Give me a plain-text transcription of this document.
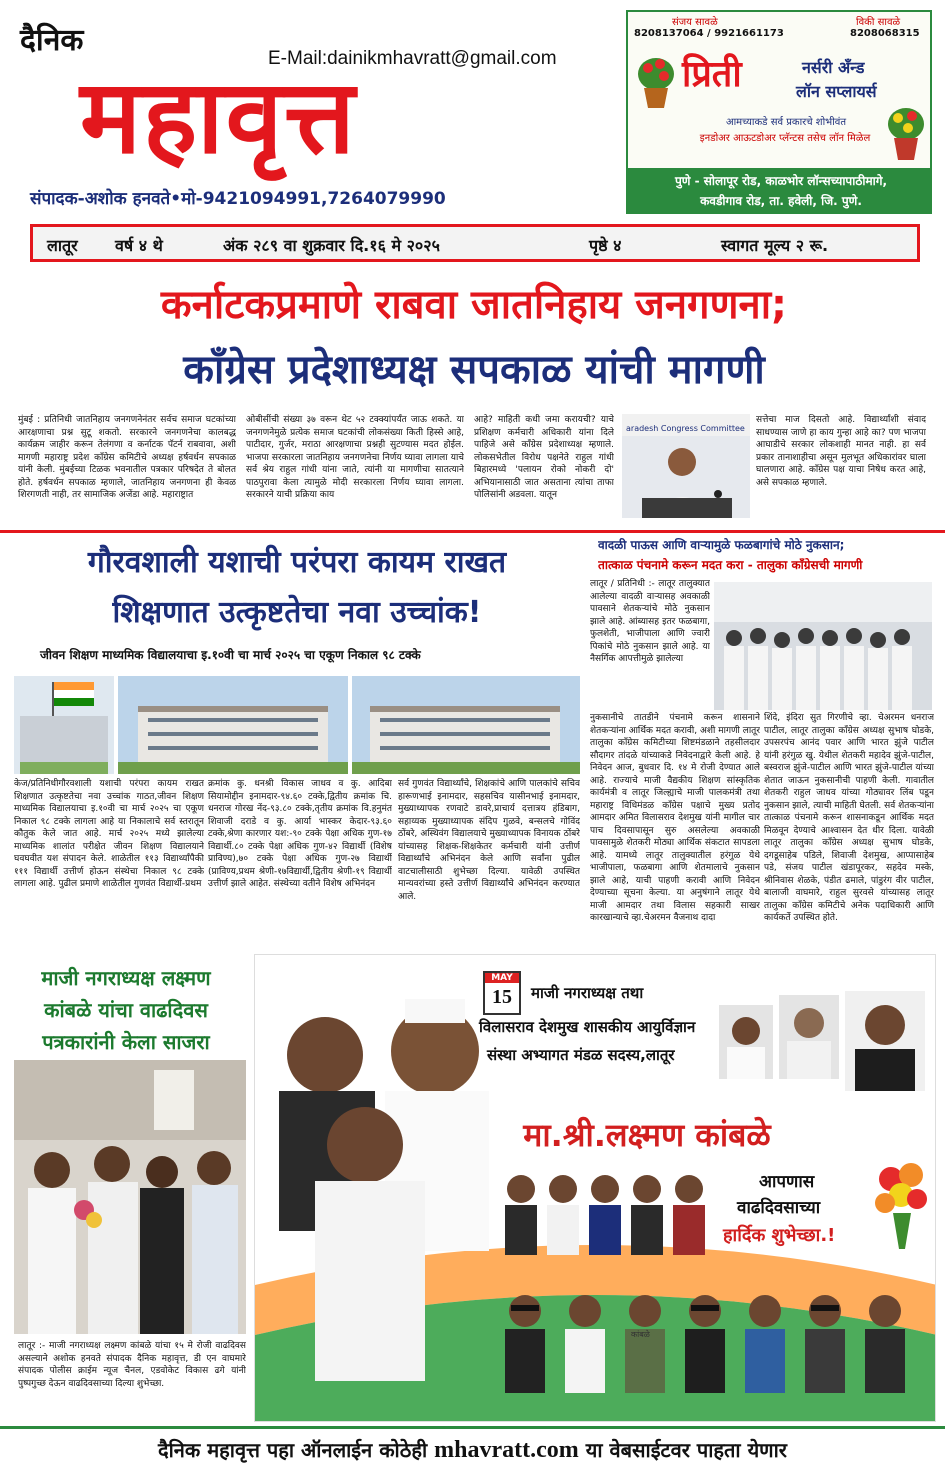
दैनिक
E-Mail:dainikmhavratt@gmail.com
महावृत्त
संपादक-अशोक हनवते•मो-9421094991,7264079990
संजय सावळे	विकी सावळे
8208137064 / 9921661173	8208068315
प्रिती	नर्सरी अँन्ड
लॉन सप्लायर्स
आमच्याकडे सर्व प्रकारचे शोभीवंत
इनडोअर आऊटडोअर प्लॅन्टस तसेच लॉन मिळेल
पुणे - सोलापूर रोड, काळभोर लॉन्सच्यापाठीमागे,
कवडीगाव रोड, ता. हवेली, जि. पुणे.
लातूर वर्ष ४ थे	अंक २८९ वा शुक्रवार दि.१६ मे २०२५	पृष्ठे ४	स्वागत मूल्य २ रू.
कर्नाटकप्रमाणे राबवा जातनिहाय जनगणना;
काँग्रेस प्रदेशाध्यक्ष सपकाळ यांची मागणी
मुंबई : प्रतिनिधी जातनिहाय जनगणनेनंतर सर्वच समाज घटकांच्या आरक्षणाचा प्रश्न सुटू शकतो. सरकारने जनगणनेचा कालबद्ध कार्यक्रम जाहीर करून तेलंगणा व कर्नाटक पॅटर्न राबवावा, अशी मागणी महाराष्ट्र प्रदेश काँग्रेस कमिटीचे अध्यक्ष हर्षवर्धन सपकाळ यांनी केली. मुंबईच्या टिळक भवनातील पत्रकार परिषदेत ते बोलत होते. हर्षवर्धन सपकाळ म्हणाले, जातनिहाय जनगणना ही केवळ शिरगणती नाही, तर सामाजिक अजेंडा आहे. महाराष्ट्रात
ओबीसींची संख्या ३७ वरून थेट ५२ टक्क्यांपर्यंत जाऊ शकते. या जनगणनेमुळे प्रत्येक समाज घटकांची लोकसंख्या किती हिस्से आहे, पाटीदार, गुर्जर, मराठा आरक्षणाचा प्रश्नही सुटण्यास मदत होईल. भाजपा सरकारला जातनिहाय जनगणनेचा निर्णय घ्यावा लागला याचे सर्व श्रेय राहुल गांधी यांना जाते, त्यांनी या मागणीचा सातत्याने पाठपुरावा केला त्यामुळे मोदी सरकारला निर्णय घ्यावा लागला. सरकारने याची प्रक्रिया काय
आहे? माहिती कधी जमा करायची? याचे प्रशिक्षण कर्मचारी अधिकारी यांना दिले पाहिजे असे काँग्रेस प्रदेशाध्यक्ष म्हणाले. लोकसभेतील विरोध पक्षनेते राहुल गांधी बिहारमध्ये 'पलायन रोको नोकरी दो' अभियानासाठी जात असताना त्यांचा ताफा पोलिसांनी अडवला. यातून
aradesh Congress Committee
सत्तेचा माज दिसतो आहे. विद्यार्थ्यांशी संवाद साधण्यास जाणे हा काय गुन्हा आहे का? पण भाजपा आघाडीचे सरकार लोकशाही मानत नाही. हा सर्व प्रकार तानाशाहीचा असून मुलभूत अधिकारांवर घाला घालणारा आहे. काँग्रेस पक्ष याचा निषेध करत आहे, असे सपकाळ म्हणाले.
गौरवशाली यशाची परंपरा कायम राखत
शिक्षणात उत्कृष्टतेचा नवा उच्चांक!
जीवन शिक्षण माध्यमिक विद्यालयाचा इ.१०वी चा मार्च २०२५ चा एकूण निकाल ९८ टक्के
केज/प्रतिनिधीगौरवशाली यशाची परंपरा कायम राखत शिक्षणात उत्कृष्टतेचा नवा उच्चांक गाठत,जीवन शिक्षण माध्यमिक विद्यालयाचा इ.१०वी चा मार्च २०२५ चा एकूण निकाल ९८ टक्के लागला आहे या निकालाचे सर्व स्तरातून कौतुक केले जात आहे. मार्च २०२५ मध्ये झालेल्या माध्यमिक शालांत परीक्षेत जीवन शिक्षण विद्यालयाने घवघवीत यश संपादन केले. शाळेतील ११३ विद्यार्थ्यांपैकी १११ विद्यार्थी उत्तीर्ण होऊन संस्थेचा निकाल ९८ टक्के लागला आहे. पुढील प्रमाणे शाळेतील गुणवंत विद्यार्थी-प्रथम
क्रमांक कु. धनश्री विकास जाधव व कु. आदिबा सियामोद्दीन इनामदार-९४.६० टक्के,द्वितीय क्रमांक चि. धनराज गोरख नेंद-९३.८० टक्के,तृतीय क्रमांक वि.हनुमंत शिवाजी दराडे व कु. आर्या भास्कर केदार-९३.६० टक्के,श्रेणा कारणार यश:-९० टक्के पेक्षा अधिक गुण-१७ विद्यार्थी.८० टक्के पेक्षा अधिक गुण-४२ विद्यार्थी (विशेष प्राविण्य),७० टक्के पेक्षा अधिक गुण-२७ विद्यार्थी (प्राविण्य,प्रथम श्रेणी-१७विद्यार्थी,द्वितीय श्रेणी-१९ विद्यार्थी उत्तीर्ण झाले आहेत. संस्थेच्या वतीने विशेष अभिनंदन
सर्व गुणवंत विद्यार्थ्यांचे, शिक्षकांचे आणि पालकांचे सचिव हारूणभाई इनामदार, सहसचिव यासीनभाई इनामदार, मुख्याध्यापक रणवाटे डावरे,प्राचार्य दत्तात्रय हंडिबाग, सहाय्यक मुख्याध्यापक संदिप गुळवे, बन्सलचे गोविंद ठोंबरे, अस्थिवंग विद्यालयाचे मुख्याध्यापक विनायक ठोंबरे यांच्यासह शिक्षक-शिक्षकेतर कर्मचारी यांनी उत्तीर्ण विद्यार्थ्यांचे अभिनंदन केले आणि सर्वांना पुढील वाटचालीसाठी शुभेच्छा दिल्या. यावेळी उपस्थित मान्यवरांच्या हस्ते उत्तीर्ण विद्यार्थ्यांचे अभिनंदन करण्यात आले.
वादळी पाऊस आणि वाऱ्यामुळे फळबागांचे मोठे नुकसान;
तात्काळ पंचनामे करून मदत करा - तालुका काँग्रेसची मागणी
लातूर / प्रतिनिधी :- लातूर तालुक्यात आलेल्या वादळी वाऱ्यासह अवकाळी पावसाने शेतकऱ्यांचे मोठे नुकसान झाले आहे. आंब्यासह इतर फळबागा, फुलशेती, भाजीपाला आणि ज्वारी पिकांचे मोठे नुकसान झाले आहे. या नैसर्गिक आपत्तीमुळे झालेल्या
नुकसानीचे तातडीने पंचनामे करून शासनाने शेतकऱ्यांना आर्थिक मदत करावी, अशी मागणी लातूर तालुका काँग्रेस कमिटीच्या शिष्टमंडळाने तहसीलदार सौदागर तांदळे यांच्याकडे निवेदनाद्वारे केली आहे. हे निवेदन आज, बुधवार दि. १४ मे रोजी देण्यात आले आहे. राज्याचे माजी वैद्यकीय शिक्षण सांस्कृतिक कार्यमंत्री व लातूर जिल्ह्याचे माजी पालकमंत्री तथा महाराष्ट्र विधिमंडळ काँग्रेस पक्षाचे मुख्य प्रतोद आमदार अमित विलासराव देशमुख यांनी मागील चार पाच दिवसापासून सुरु असलेल्या अवकाळी पावसामुळे शेतकरी मोठ्या आर्थिक संकटात सापडला आहे. यामध्ये लातूर तालुक्यातील हरंगुळ येथे भाजीपाला, फळबागा आणि शेतमालाचे नुकसान झाले आहे, याची पाहणी करावी आणि निवेदन देण्याच्या सूचना केल्या. या अनुषंगाने लातूर येथे माजी आमदार तथा विलास सहकारी साखर कारखान्याचे व्हा.चेअरमन वैजनाथ दादा
शिंदे, इंदिरा सुत गिरणीचे व्हा. चेअरमन धनराज पाटील, लातूर तालुका काँग्रेस अध्यक्ष सुभाष घोडके, उपसरपंच आनंद पवार आणि भारत झुंजे पाटील यांनी हरंगुळ खु. येथील शेतकरी महादेव झुंजे-पाटील, बस्वराज झुंजे-पाटील आणि भारत झुंजे-पाटील यांच्या शेतात जाऊन नुकसानीची पाहणी केली. गावातील शेतकरी राहुल जाधव यांच्या गोठ्यावर लिंब पडून नुकसान झाले, त्याची माहिती घेतली. सर्व शेतकऱ्यांना तात्काळ पंचनामे करून शासनाकडून आर्थिक मदत मिळवून देण्याचे आश्वासन देत धीर दिला. यावेळी लातूर तालुका काँग्रेस अध्यक्ष सुभाष घोडके, दगडूसाहेब पडिले, शिवाजी देशमुख, आप्पासाहेब पडे, संजय पाटील खंडापूरकर, सहदेव मस्के, श्रीनिवास शेळके, पंडीत ढमाले, पांडुरंग वीर पाटील, बालाजी वाघमारे, राहुल सुरवसे यांच्यासह लातूर तालुका काँग्रेस कमिटीचे अनेक पदाधिकारी आणि कार्यकर्ते उपस्थित होते.
माजी नगराध्यक्ष लक्ष्मण
कांबळे यांचा वाढदिवस
पत्रकारांनी केला साजरा
लातूर :- माजी नगराध्यक्ष लक्ष्मण कांबळे यांचा १५ मे रोजी वाढदिवस असल्याने अशोक हनवते संपादक दैनिक महावृत्त, डी एन वाघमारे संपादक पोलीस क्राईम न्यूज चैनल, एडवोकेट विकास ढगे यांनी पुष्पगुच्छ देऊन वाढदिवसाच्या दिल्या शुभेच्छा.
MAY
15	माजी नगराध्यक्ष तथा
विलासराव देशमुख शासकीय आयुर्विज्ञान
संस्था अभ्यागत मंडळ सदस्य,लातूर
मा.श्री.लक्ष्मण कांबळे
आपणास
वाढदिवसाच्या
हार्दिक शुभेच्छा.!
कांबळे
दैनिक महावृत्त पहा ऑनलाईन कोठेही mhavratt.com या वेबसाईटवर पाहता येणार
